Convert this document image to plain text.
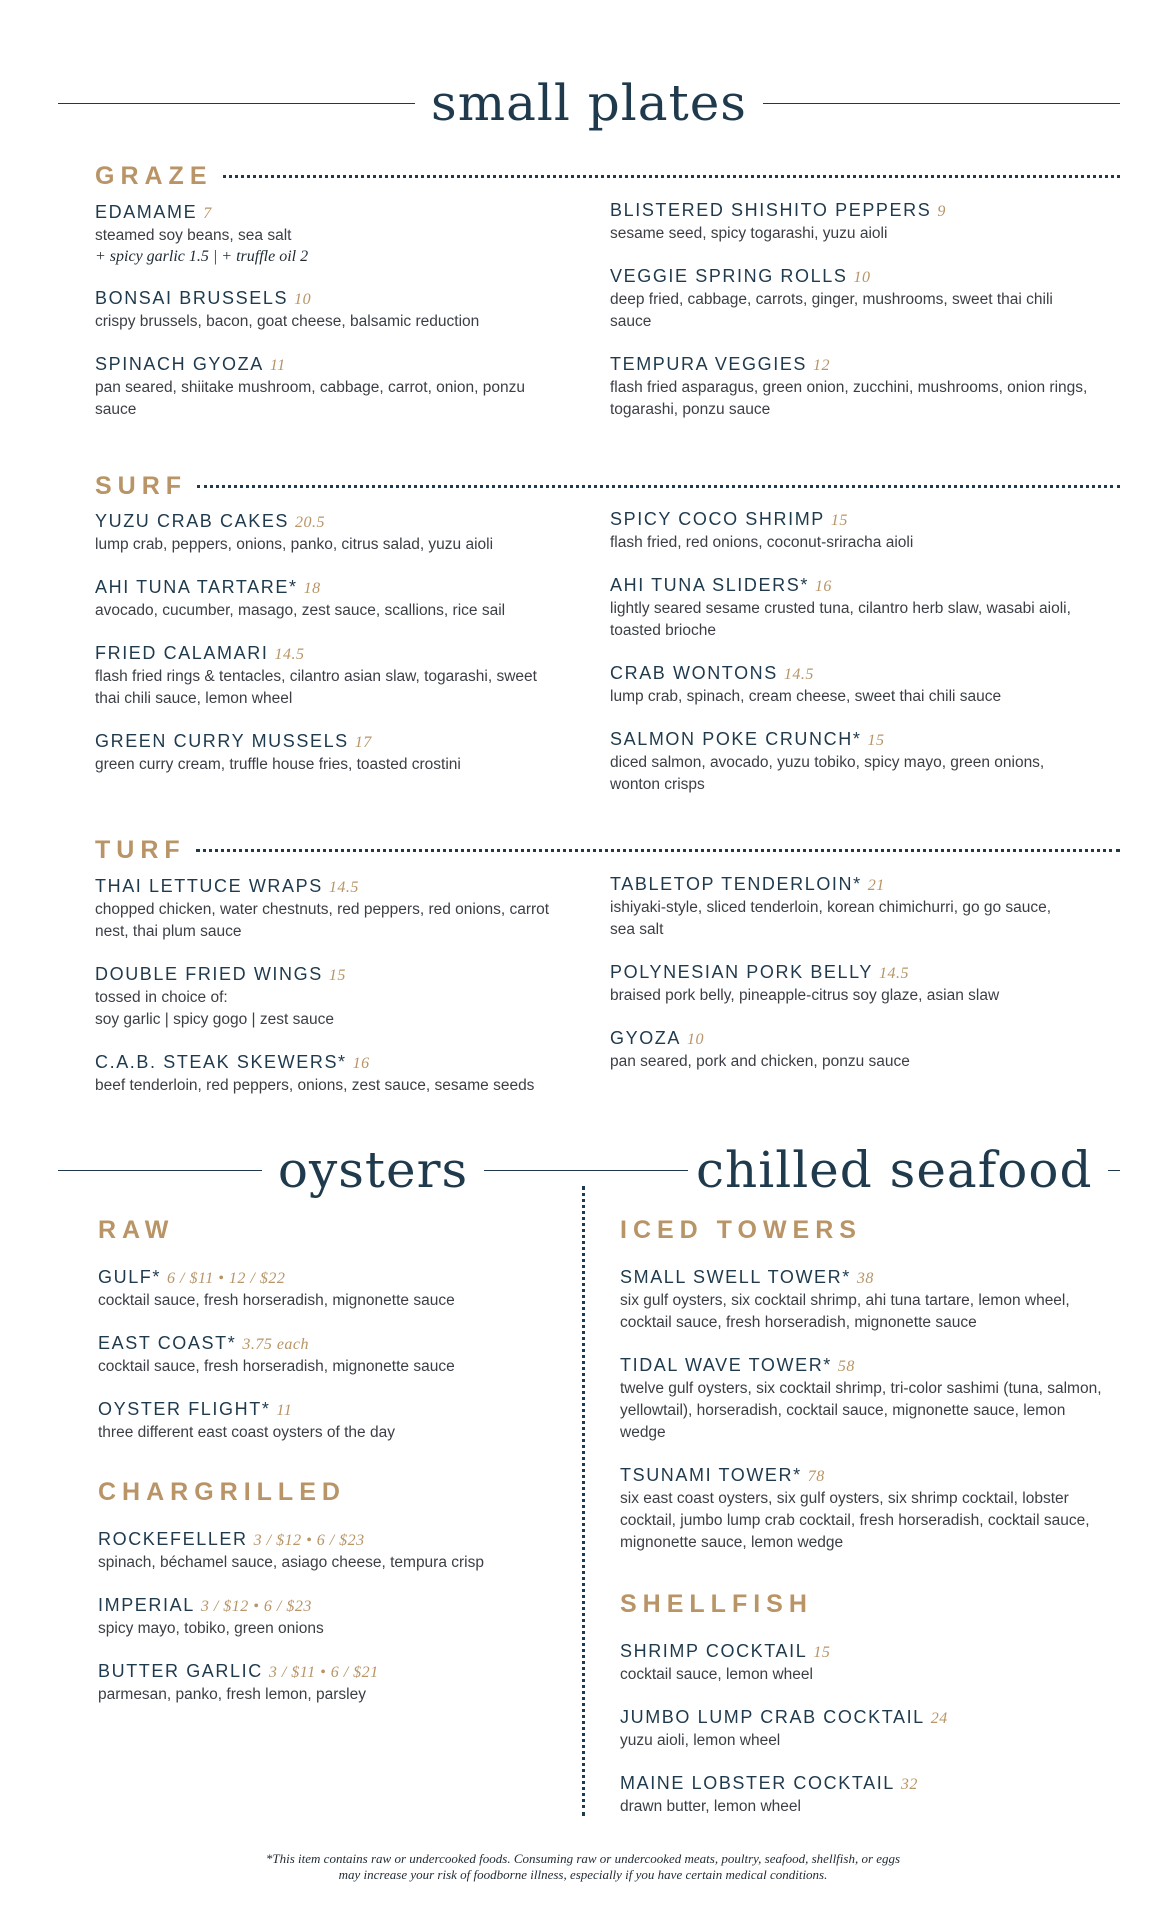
small plates
GRAZE
EDAMAME 7
steamed soy beans, sea salt
+ spicy garlic 1.5 | + truffle oil 2
BONSAI BRUSSELS 10
crispy brussels, bacon, goat cheese, balsamic reduction
SPINACH GYOZA 11
pan seared, shiitake mushroom, cabbage, carrot, onion, ponzu sauce
BLISTERED SHISHITO PEPPERS 9
sesame seed, spicy togarashi, yuzu aioli
VEGGIE SPRING ROLLS 10
deep fried, cabbage, carrots, ginger, mushrooms, sweet thai chili sauce
TEMPURA VEGGIES 12
flash fried asparagus, green onion, zucchini, mushrooms, onion rings, togarashi, ponzu sauce
SURF
YUZU CRAB CAKES 20.5
lump crab, peppers, onions, panko, citrus salad, yuzu aioli
AHI TUNA TARTARE* 18
avocado, cucumber, masago, zest sauce, scallions, rice sail
FRIED CALAMARI 14.5
flash fried rings & tentacles, cilantro asian slaw, togarashi, sweet thai chili sauce, lemon wheel
GREEN CURRY MUSSELS 17
green curry cream, truffle house fries, toasted crostini
SPICY COCO SHRIMP 15
flash fried, red onions, coconut-sriracha aioli
AHI TUNA SLIDERS* 16
lightly seared sesame crusted tuna, cilantro herb slaw, wasabi aioli, toasted brioche
CRAB WONTONS 14.5
lump crab, spinach, cream cheese, sweet thai chili sauce
SALMON POKE CRUNCH* 15
diced salmon, avocado, yuzu tobiko, spicy mayo, green onions, wonton crisps
TURF
THAI LETTUCE WRAPS 14.5
chopped chicken, water chestnuts, red peppers, red onions, carrot nest, thai plum sauce
DOUBLE FRIED WINGS 15
tossed in choice of:
soy garlic | spicy gogo | zest sauce
C.A.B. STEAK SKEWERS* 16
beef tenderloin, red peppers, onions, zest sauce, sesame seeds
TABLETOP TENDERLOIN* 21
ishiyaki-style, sliced tenderloin, korean chimichurri, go go sauce, sea salt
POLYNESIAN PORK BELLY 14.5
braised pork belly, pineapple-citrus soy glaze, asian slaw
GYOZA 10
pan seared, pork and chicken, ponzu sauce
oysters	chilled seafood
RAW
GULF* 6 / $11 • 12 / $22
cocktail sauce, fresh horseradish, mignonette sauce
EAST COAST* 3.75 each
cocktail sauce, fresh horseradish, mignonette sauce
OYSTER FLIGHT* 11
three different east coast oysters of the day
CHARGRILLED
ROCKEFELLER 3 / $12 • 6 / $23
spinach, béchamel sauce, asiago cheese, tempura crisp
IMPERIAL 3 / $12 • 6 / $23
spicy mayo, tobiko, green onions
BUTTER GARLIC 3 / $11 • 6 / $21
parmesan, panko, fresh lemon, parsley
ICED TOWERS
SMALL SWELL TOWER* 38
six gulf oysters, six cocktail shrimp, ahi tuna tartare, lemon wheel, cocktail sauce, fresh horseradish, mignonette sauce
TIDAL WAVE TOWER* 58
twelve gulf oysters, six cocktail shrimp, tri-color sashimi (tuna, salmon, yellowtail), horseradish, cocktail sauce, mignonette sauce, lemon wedge
TSUNAMI TOWER* 78
six east coast oysters, six gulf oysters, six shrimp cocktail, lobster cocktail, jumbo lump crab cocktail, fresh horseradish, cocktail sauce, mignonette sauce, lemon wedge
SHELLFISH
SHRIMP COCKTAIL 15
cocktail sauce, lemon wheel
JUMBO LUMP CRAB COCKTAIL 24
yuzu aioli, lemon wheel
MAINE LOBSTER COCKTAIL 32
drawn butter, lemon wheel
*This item contains raw or undercooked foods. Consuming raw or undercooked meats, poultry, seafood, shellfish, or eggs
may increase your risk of foodborne illness, especially if you have certain medical conditions.
